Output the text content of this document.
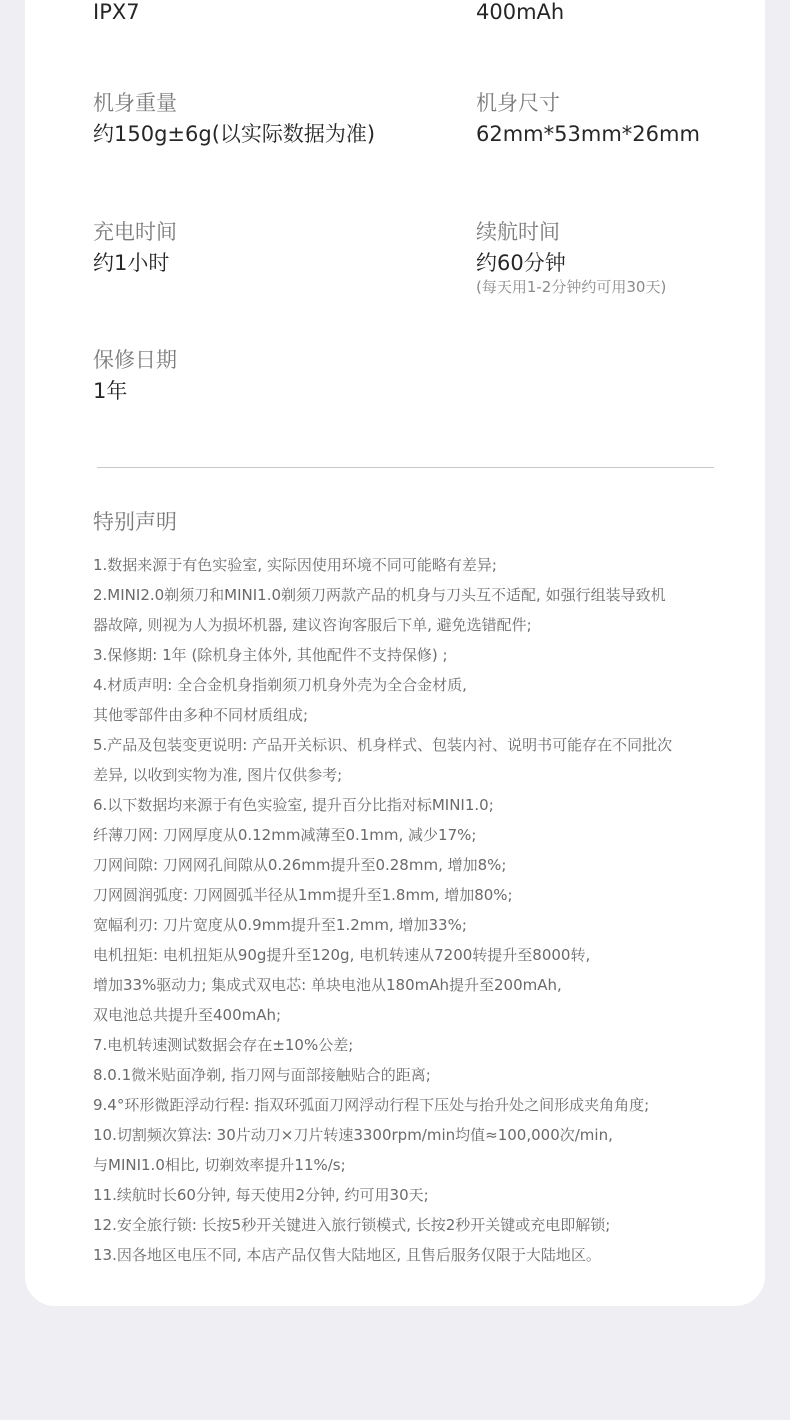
IPX7	400mAh
机身重量
约150g±6g(以实际数据为准)
机身尺寸
62mm*53mm*26mm
充电时间
约1小时
续航时间
约60分钟
(每天用1-2分钟约可用30天)
保修日期
1年
特别声明
1.数据来源于有色实验室, 实际因使用环境不同可能略有差异;
2.MINI2.0剃须刀和MINI1.0剃须刀两款产品的机身与刀头互不适配, 如强行组装导致机
器故障, 则视为人为损坏机器, 建议咨询客服后下单, 避免选错配件;
3.保修期: 1年 (除机身主体外, 其他配件不支持保修) ;
4.材质声明: 全合金机身指剃须刀机身外壳为全合金材质,
其他零部件由多种不同材质组成;
5.产品及包装变更说明: 产品开关标识、机身样式、包装内衬、说明书可能存在不同批次
差异, 以收到实物为准, 图片仅供参考;
6.以下数据均来源于有色实验室, 提升百分比指对标MINI1.0;
纤薄刀网: 刀网厚度从0.12mm减薄至0.1mm, 减少17%;
刀网间隙: 刀网网孔间隙从0.26mm提升至0.28mm, 增加8%;
刀网圆润弧度: 刀网圆弧半径从1mm提升至1.8mm, 增加80%;
宽幅利刃: 刀片宽度从0.9mm提升至1.2mm, 增加33%;
电机扭矩: 电机扭矩从90g提升至120g, 电机转速从7200转提升至8000转,
增加33%驱动力; 集成式双电芯: 单块电池从180mAh提升至200mAh,
双电池总共提升至400mAh;
7.电机转速测试数据会存在±10%公差;
8.0.1微米贴面净剃, 指刀网与面部接触贴合的距离;
9.4°环形微距浮动行程: 指双环弧面刀网浮动行程下压处与抬升处之间形成夹角角度;
10.切割频次算法: 30片动刀×刀片转速3300rpm/min均值≈100,000次/min,
与MINI1.0相比, 切剃效率提升11%/s;
11.续航时长60分钟, 每天使用2分钟, 约可用30天;
12.安全旅行锁: 长按5秒开关键进入旅行锁模式, 长按2秒开关键或充电即解锁;
13.因各地区电压不同, 本店产品仅售大陆地区, 且售后服务仅限于大陆地区。
